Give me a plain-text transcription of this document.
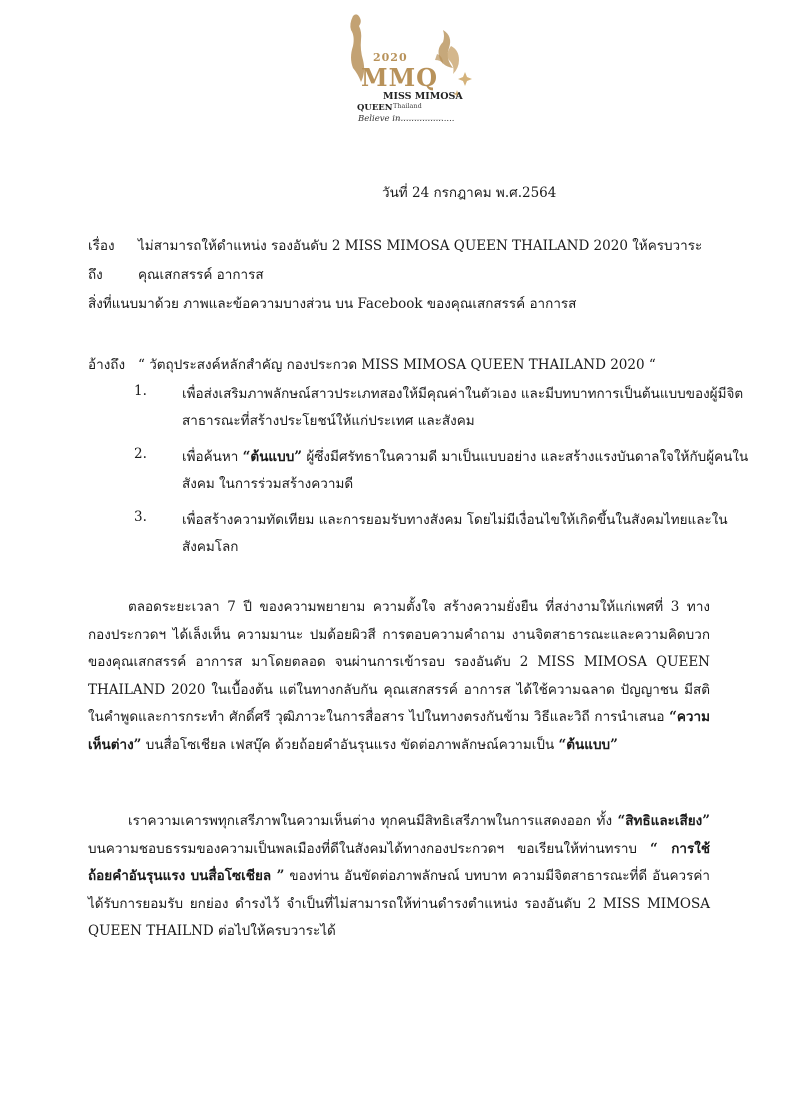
2020
MMQ
MISS MIMOSA
QUEEN Thailand
Believe in....................
วันที่ 24 กรกฎาคม พ.ศ.2564
เรื่อง	ไม่สามารถให้ดำแหน่ง รองอันดับ 2 MISS MIMOSA QUEEN THAILAND 2020 ให้ครบวาระ
ถึง	คุณเสกสรรค์ อาการส
สิ่งที่แนบมาด้วย ภาพและข้อความบางส่วน บน Facebook ของคุณเสกสรรค์ อาการส
อ้างถึง “ วัตถุประสงค์หลักสำคัญ กองประกวด MISS MIMOSA QUEEN THAILAND 2020 “
1.	เพื่อส่งเสริมภาพลักษณ์สาวประเภทสองให้มีคุณค่าในตัวเอง และมีบทบาทการเป็นต้นแบบของผู้มีจิตสาธารณะที่สร้างประโยชน์ให้แก่ประเทศ และสังคม
2.	เพื่อค้นหา “ต้นแบบ” ผู้ซึ่งมีศรัทธาในความดี มาเป็นแบบอย่าง และสร้างแรงบันดาลใจให้กับผู้คนในสังคม ในการร่วมสร้างความดี
3.	เพื่อสร้างความทัดเทียม และการยอมรับทางสังคม โดยไม่มีเงื่อนไขให้เกิดขึ้นในสังคมไทยและในสังคมโลก
ตลอดระยะเวลา 7 ปี ของความพยายาม ความตั้งใจ สร้างความยั่งยืน ที่สง่างามให้แก่เพศที่ 3 ทาง กองประกวดฯ ได้เล็งเห็น ความมานะ ปมด้อยผิวสี การตอบความคำถาม งานจิตสาธารณะและความคิดบวก ของคุณเสกสรรค์ อาการส มาโดยตลอด จนผ่านการเข้ารอบ รองอันดับ 2 MISS MIMOSA QUEEN THAILAND 2020 ในเบื้องต้น แต่ในทางกลับกัน คุณเสกสรรค์ อาการส ได้ใช้ความฉลาด ปัญญาชน มีสติ ในคำพูดและการกระทำ ศักดิ์ศรี วุฒิภาวะในการสื่อสาร ไปในทางตรงกันข้าม วิธีและวิถี การนำเสนอ “ความเห็นต่าง” บนสื่อโซเชียล เฟสบุ๊ค ด้วยถ้อยคำอันรุนแรง ขัดต่อภาพลักษณ์ความเป็น “ต้นแบบ”
เราความเคารพทุกเสรีภาพในความเห็นต่าง ทุกคนมีสิทธิเสรีภาพในการแสดงออก ทั้ง “สิทธิและเสียง” บนความชอบธรรมของความเป็นพลเมืองที่ดีในสังคมได้ทางกองประกวดฯ ขอเรียนให้ท่านทราบ “ การใช้ถ้อยคำอันรุนแรง บนสื่อโซเชียล ” ของท่าน อันขัดต่อภาพลักษณ์ บทบาท ความมีจิตสาธารณะที่ดี อันควรค่าได้รับการยอมรับ ยกย่อง ดำรงไว้ จำเป็นที่ไม่สามารถให้ท่านดำรงตำแหน่ง รองอันดับ 2 MISS MIMOSA QUEEN THAILND ต่อไปให้ครบวาระได้
